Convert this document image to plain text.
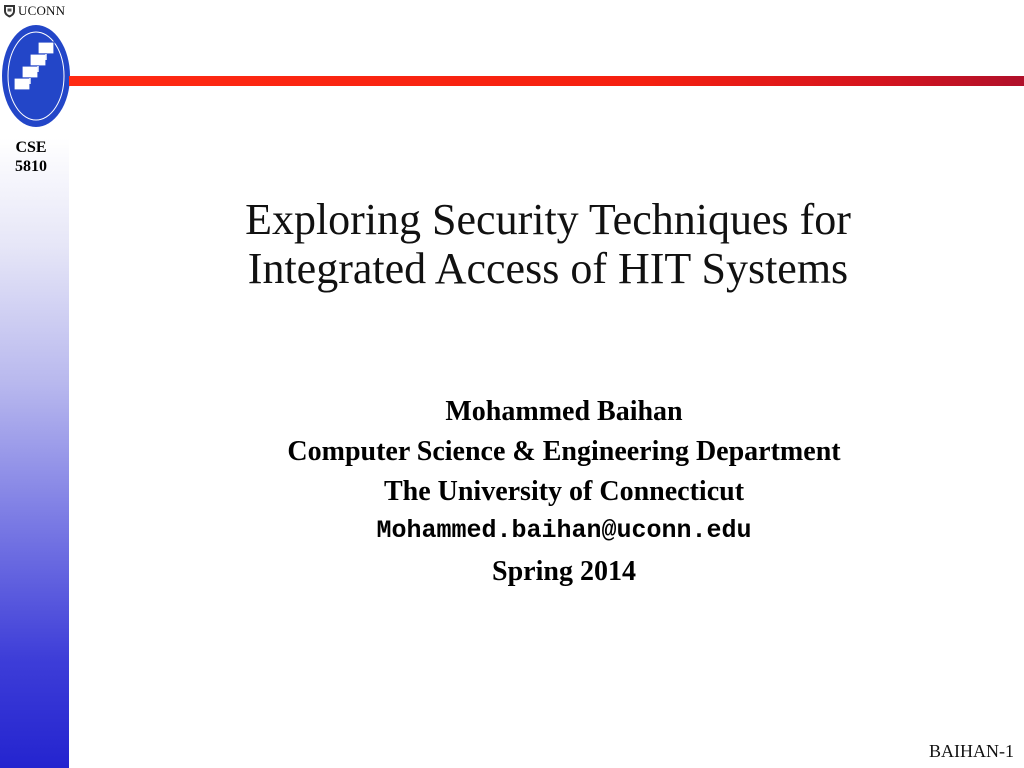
UCONN
Computer Science and Engineering
CSE
5810
Exploring Security Techniques for
Integrated Access of HIT Systems
Mohammed Baihan
Computer Science & Engineering Department
The University of Connecticut
Mohammed.baihan@uconn.edu
Spring 2014
BAIHAN-1
